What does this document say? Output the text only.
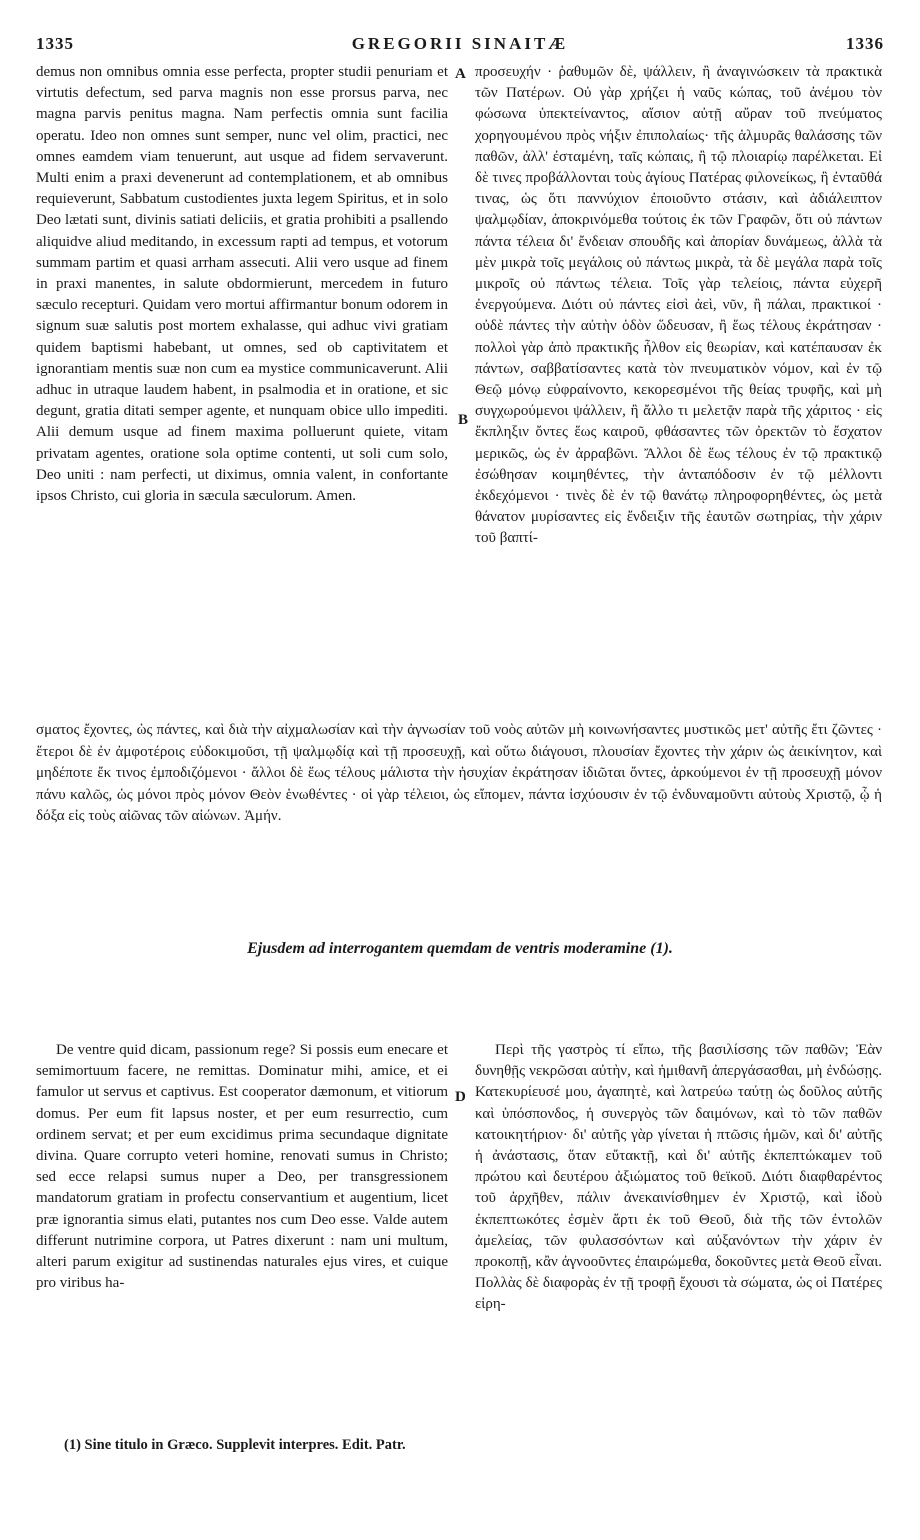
1335	GREGORII SINAITÆ	1336

demus non omnibus omnia esse perfecta, propter studii penuriam et virtutis defectum, sed parva magnis non esse prorsus parva, nec magna parvis penitus magna. Nam perfectis omnia sunt facilia operatu. Ideo non omnes sunt semper, nunc vel olim, practici, nec omnes eamdem viam tenuerunt, aut usque ad fidem servaverunt. Multi enim a praxi devenerunt ad contemplationem, et ab omnibus requieverunt, Sabbatum custodientes juxta legem Spiritus, et in solo Deo lætati sunt, divinis satiati deliciis, et gratia prohibiti a psallendo aliquidve aliud meditando, in excessum rapti ad tempus, et votorum summam partim et quasi arrham assecuti. Alii vero usque ad finem in praxi manentes, in salute obdormierunt, mercedem in futuro sæculo recepturi. Quidam vero mortui affirmantur bonum odorem in signum suæ salutis post mortem exhalasse, qui adhuc vivi gratiam quidem baptismi habebant, ut omnes, sed ob captivitatem et ignorantiam mentis suæ non cum ea mystice communicaverunt. Alii adhuc in utraque laudem habent, in psalmodia et in oratione, et sic degunt, gratia ditati semper agente, et nunquam obice ullo impediti. Alii demum usque ad finem maxima polluerunt quiete, vitam privatam agentes, oratione sola optime contenti, ut soli cum solo, Deo uniti : nam perfecti, ut diximus, omnia valent, in confortante ipsos Christo, cui gloria in sæcula sæculorum. Amen.

A
B

προσευχήν · ῥαθυμῶν δὲ, ψάλλειν, ἢ ἀναγινώσκειν τὰ πρακτικὰ τῶν Πατέρων. Οὐ γὰρ χρήζει ἡ ναῦς κώπας, τοῦ ἀνέμου τὸν φώσωνα ὑπεκτείναντος, αἴσιον αὐτῇ αὔραν τοῦ πνεύματος χορηγουμένου πρὸς νήξιν ἐπιπολαίως· τῆς ἁλμυρᾶς θαλάσσης τῶν παθῶν, ἀλλ' ἐσταμένη, ταῖς κώπαις, ἢ τῷ πλοιαρίῳ παρέλκεται. Εἰ δὲ τινες προβάλλονται τοὺς ἁγίους Πατέρας φιλονείκως, ἢ ἐνταῦθά τινας, ὡς ὅτι παννύχιον ἐποιοῦντο στάσιν, καὶ ἀδιάλειπτον ψαλμῳδίαν, ἀποκρινόμεθα τούτοις ἐκ τῶν Γραφῶν, ὅτι οὐ πάντων πάντα τέλεια δι' ἔνδειαν σπουδῆς καὶ ἀπορίαν δυνάμεως, ἀλλὰ τὰ μὲν μικρὰ τοῖς μεγάλοις οὐ πάντως μικρὰ, τὰ δὲ μεγάλα παρὰ τοῖς μικροῖς οὐ πάντως τέλεια. Τοῖς γὰρ τελείοις, πάντα εὐχερῆ ἐνεργούμενα. Διότι οὐ πάντες εἰσὶ ἀεὶ, νῦν, ἢ πάλαι, πρακτικοί · οὐδὲ πάντες τὴν αὐτὴν ὁδὸν ὥδευσαν, ἢ ἕως τέλους ἐκράτησαν · πολλοὶ γὰρ ἀπὸ πρακτικῆς ἦλθον εἰς θεωρίαν, καὶ κατέπαυσαν ἐκ πάντων, σαββατίσαντες κατὰ τὸν πνευματικὸν νόμον, καὶ ἐν τῷ Θεῷ μόνῳ εὐφραίνοντο, κεκορεσμένοι τῆς θείας τρυφῆς, καὶ μὴ συγχωρούμενοι ψάλλειν, ἢ ἄλλο τι μελετᾷν παρὰ τῆς χάριτος · εἰς ἔκπληξιν ὄντες ἕως καιροῦ, φθάσαντες τῶν ὀρεκτῶν τὸ ἔσχατον μερικῶς, ὡς ἐν ἀρραβῶνι. Ἄλλοι δὲ ἕως τέλους ἐν τῷ πρακτικῷ ἐσώθησαν κοιμηθέντες, τὴν ἀνταπόδοσιν ἐν τῷ μέλλοντι ἐκδεχόμενοι · τινὲς δὲ ἐν τῷ θανάτῳ πληροφορηθέντες, ὡς μετὰ θάνατον μυρίσαντες εἰς ἔνδειξιν τῆς ἑαυτῶν σωτηρίας, τὴν χάριν τοῦ βαπτί-

σματος ἔχοντες, ὡς πάντες, καὶ διὰ τὴν αἰχμαλωσίαν καὶ τὴν ἀγνωσίαν τοῦ νοὸς αὐτῶν μὴ κοινωνήσαντες μυστικῶς μετ' αὐτῆς ἔτι ζῶντες · ἕτεροι δὲ ἐν ἀμφοτέροις εὐδοκιμοῦσι, τῇ ψαλμῳδίᾳ καὶ τῇ προσευχῇ, καὶ οὕτω διάγουσι, πλουσίαν ἔχοντες τὴν χάριν ὡς ἀεικίνητον, καὶ μηδέποτε ἔκ τινος ἐμποδιζόμενοι · ἄλλοι δὲ ἕως τέλους μάλιστα τὴν ἡσυχίαν ἐκράτησαν ἰδιῶται ὄντες, ἀρκούμενοι ἐν τῇ προσευχῇ μόνον πάνυ καλῶς, ὡς μόνοι πρὸς μόνον Θεὸν ἑνωθέντες · οἱ γὰρ τέλειοι, ὡς εἴπομεν, πάντα ἰσχύουσιν ἐν τῷ ἐνδυναμοῦντι αὐτοὺς Χριστῷ, ᾧ ἡ δόξα εἰς τοὺς αἰῶνας τῶν αἰώνων. Ἀμήν.

Ejusdem ad interrogantem quemdam de ventris moderamine (1).

De ventre quid dicam, passionum rege? Si possis eum enecare et semimortuum facere, ne remittas. Dominatur mihi, amice, et ei famulor ut servus et captivus. Est cooperator dæmonum, et vitiorum domus. Per eum fit lapsus noster, et per eum resurrectio, cum ordinem servat; et per eum excidimus prima secundaque dignitate divina. Quare corrupto veteri homine, renovati sumus in Christo; sed ecce relapsi sumus nuper a Deo, per transgressionem mandatorum gratiam in profectu conservantium et augentium, licet præ ignorantia simus elati, putantes nos cum Deo esse. Valde autem differunt nutrimine corpora, ut Patres dixerunt : nam uni multum, alteri parum exigitur ad sustinendas naturales ejus vires, et cuique pro viribus ha-

D

Περὶ τῆς γαστρὸς τί εἴπω, τῆς βασιλίσσης τῶν παθῶν; Ἐὰν δυνηθῇς νεκρῶσαι αὐτὴν, καὶ ἡμιθανῆ ἀπεργάσασθαι, μὴ ἐνδώσῃς. Κατεκυρίευσέ μου, ἀγαπητὲ, καὶ λατρεύω ταύτῃ ὡς δοῦλος αὐτῆς καὶ ὑπόσπονδος, ἡ συνεργὸς τῶν δαιμόνων, καὶ τὸ τῶν παθῶν κατοικητήριον· δι' αὐτῆς γὰρ γίνεται ἡ πτῶσις ἡμῶν, καὶ δι' αὐτῆς ἡ ἀνάστασις, ὅταν εὔτακτῇ, καὶ δι' αὐτῆς ἐκπεπτώκαμεν τοῦ πρώτου καὶ δευτέρου ἀξιώματος τοῦ θεϊκοῦ. Διότι διαφθαρέντος τοῦ ἀρχῆθεν, πάλιν ἀνεκαινίσθημεν ἐν Χριστῷ, καὶ ἰδοὺ ἐκπεπτωκότες ἐσμὲν ἄρτι ἐκ τοῦ Θεοῦ, διὰ τῆς τῶν ἐντολῶν ἀμελείας, τῶν φυλασσόντων καὶ αὐξανόντων τὴν χάριν ἐν προκοπῇ, κἂν ἀγνοοῦντες ἐπαιρώμεθα, δοκοῦντες μετὰ Θεοῦ εἶναι. Πολλὰς δὲ διαφορὰς ἐν τῇ τροφῇ ἔχουσι τὰ σώματα, ὡς οἱ Πατέρες εἰρη-

(1) Sine titulo in Græco. Supplevit interpres. Edit. Patr.
